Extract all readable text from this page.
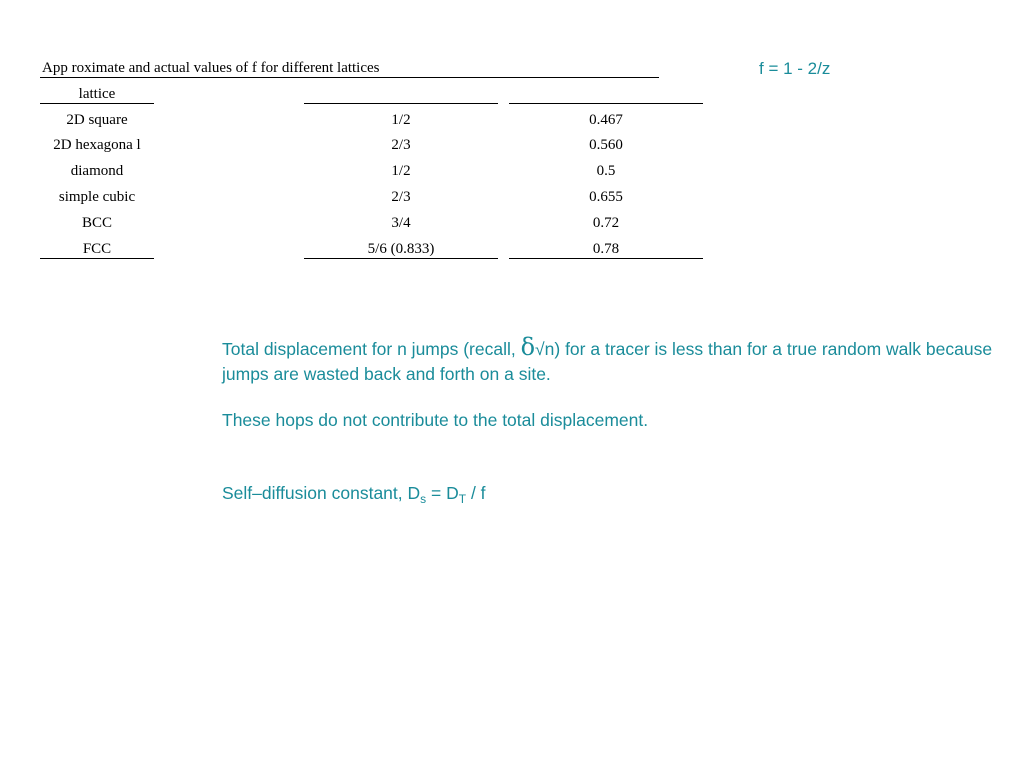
App roximate and actual values of f for different lattices	f = 1 - 2/z
lattice
2D square	1/2	0.467
2D hexagona l	2/3	0.560
diamond	1/2	0.5
simple cubic	2/3	0.655
BCC	3/4	0.72
FCC	5/6 (0.833)	0.78
Total displacement for n jumps (recall, δ√n) for a tracer is less than for a true random walk because jumps are wasted back and forth on a site.
These hops do not contribute to the total displacement.
Self–diffusion constant, $D_s = D_T / f$
